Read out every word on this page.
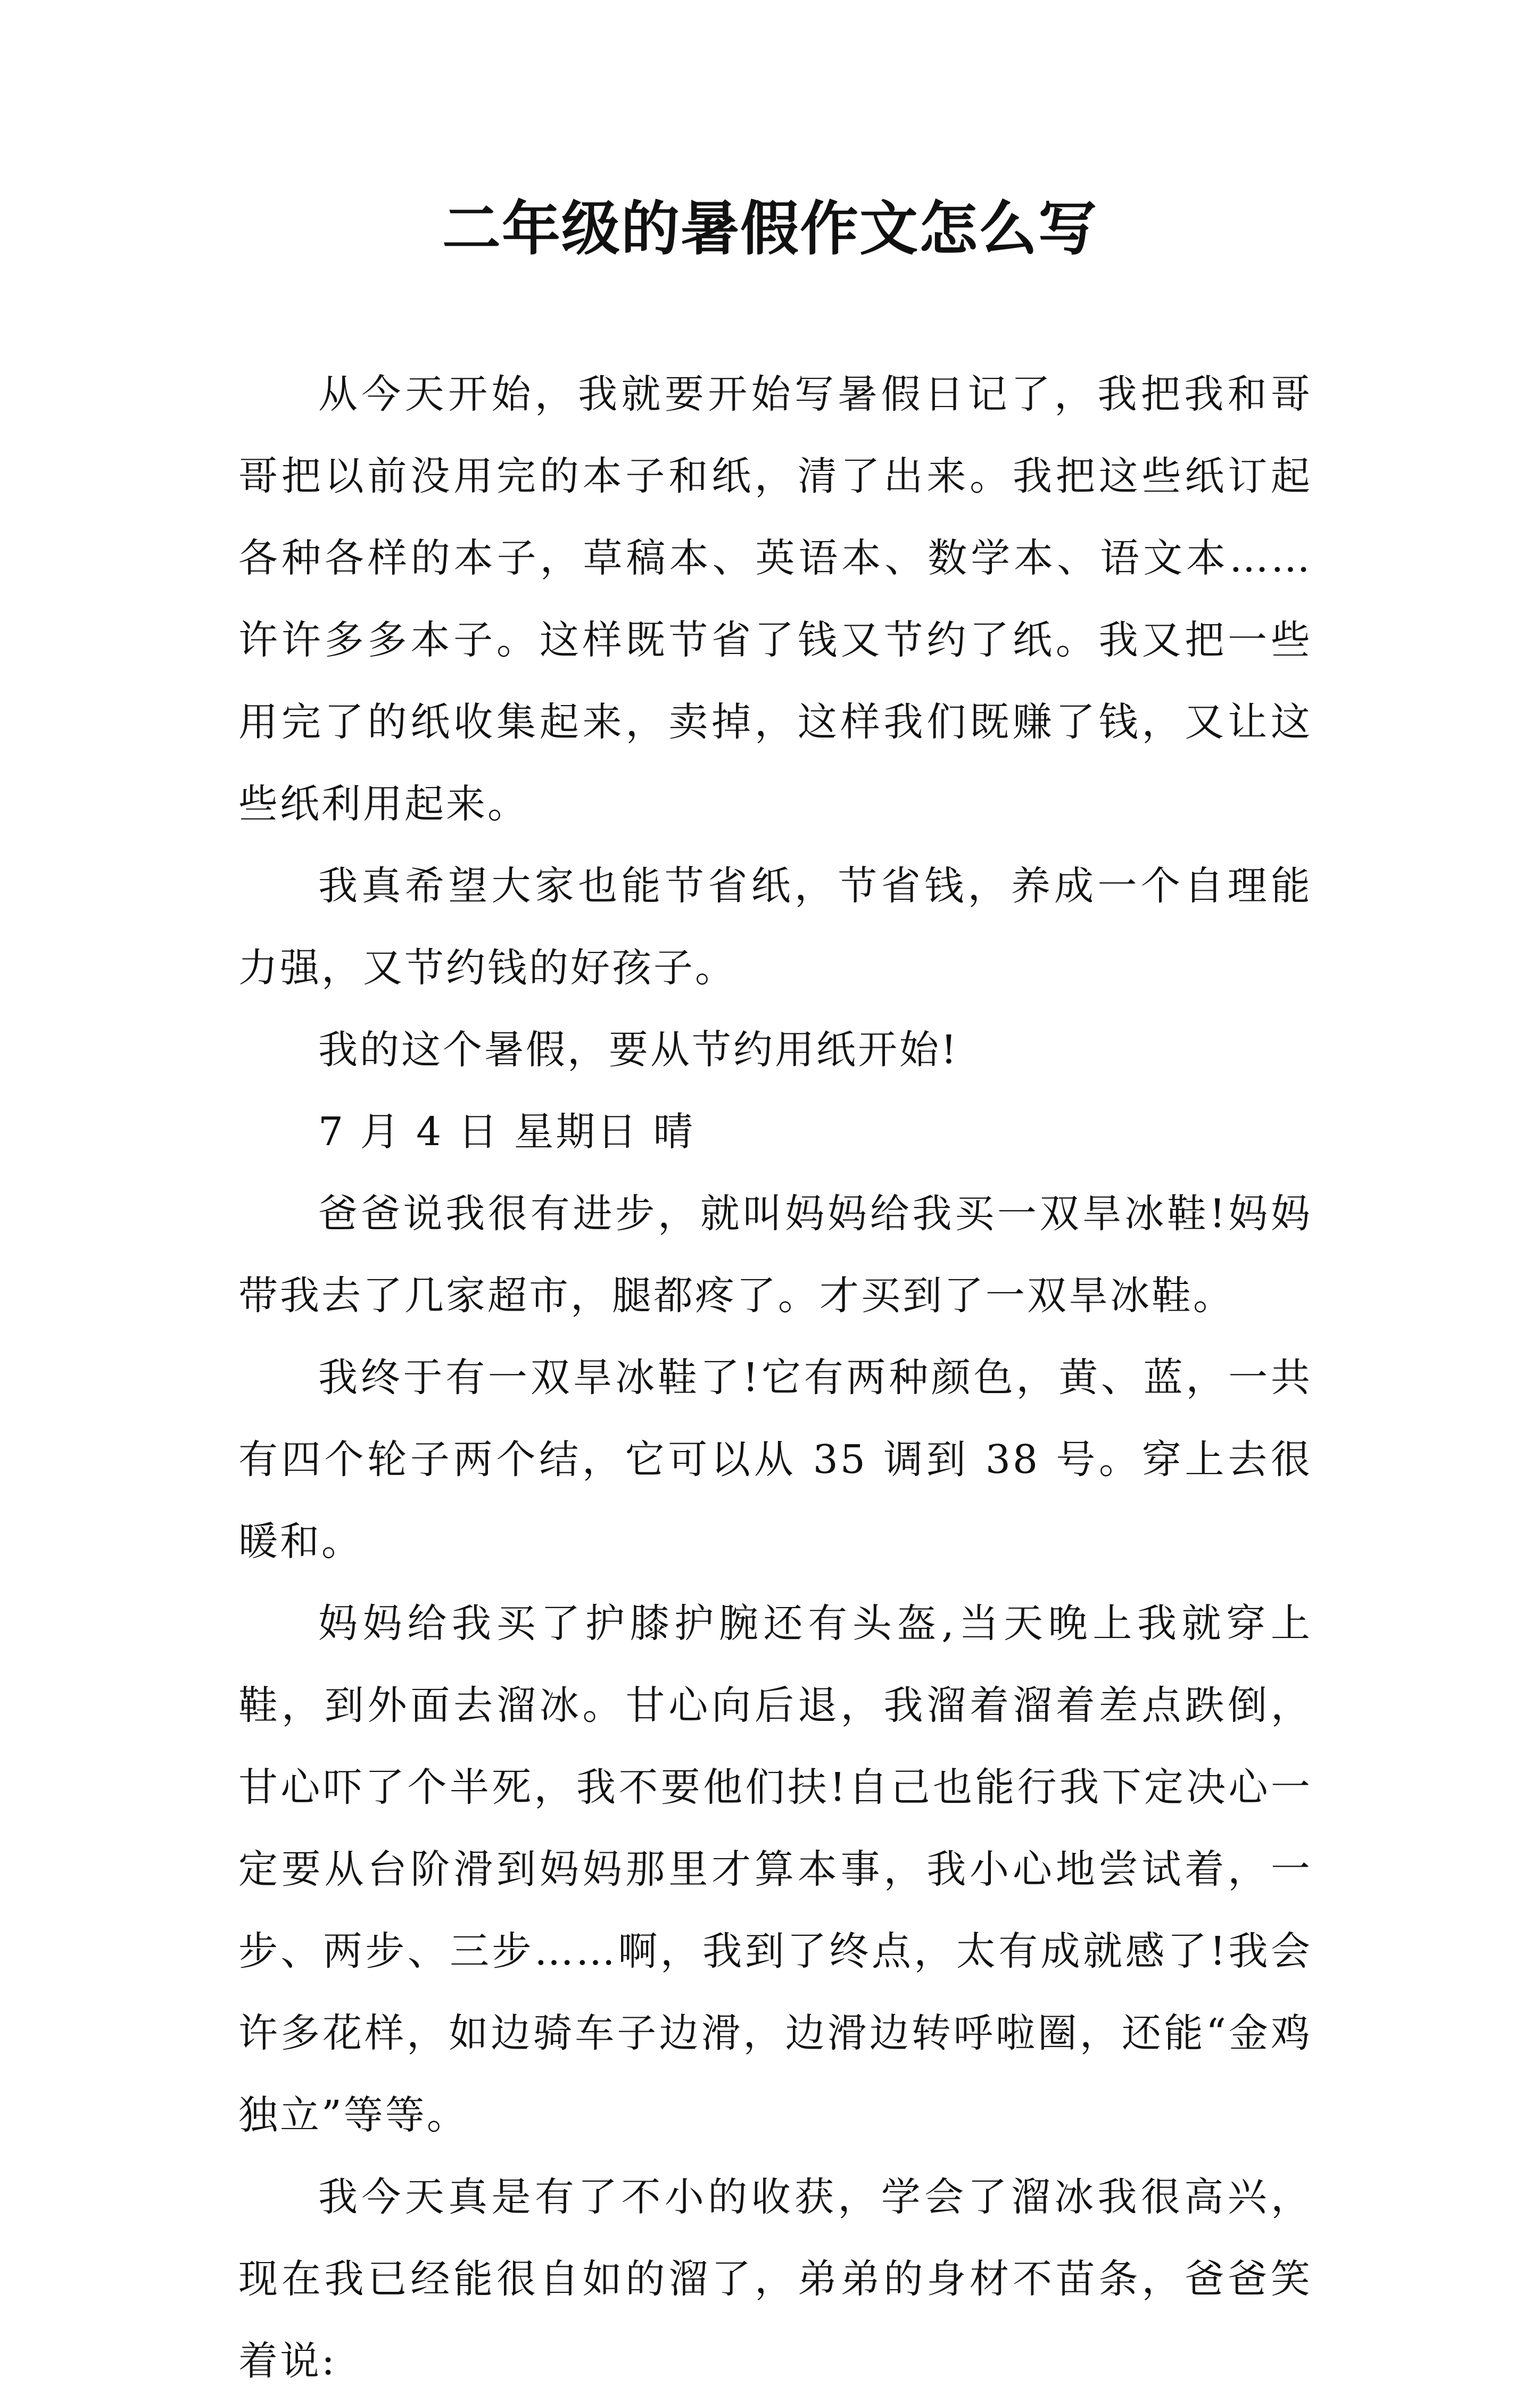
二年级的暑假作文怎么写

从今天开始，我就要开始写暑假日记了，我把我和哥哥把以前没用完的本子和纸，清了出来。我把这些纸订起各种各样的本子，草稿本、英语本、数学本、语文本……许许多多本子。这样既节省了钱又节约了纸。我又把一些用完了的纸收集起来，卖掉，这样我们既赚了钱，又让这些纸利用起来。

我真希望大家也能节省纸，节省钱，养成一个自理能力强，又节约钱的好孩子。

我的这个暑假，要从节约用纸开始!

7 月 4 日 星期日 晴

爸爸说我很有进步，就叫妈妈给我买一双旱冰鞋!妈妈带我去了几家超市，腿都疼了。才买到了一双旱冰鞋。

我终于有一双旱冰鞋了!它有两种颜色，黄、蓝，一共有四个轮子两个结，它可以从 35 调到 38 号。穿上去很暖和。

妈妈给我买了护膝护腕还有头盔,当天晚上我就穿上鞋，到外面去溜冰。甘心向后退，我溜着溜着差点跌倒，甘心吓了个半死，我不要他们扶!自己也能行我下定决心一定要从台阶滑到妈妈那里才算本事，我小心地尝试着，一步、两步、三步……啊，我到了终点，太有成就感了!我会许多花样，如边骑车子边滑，边滑边转呼啦圈，还能“金鸡独立”等等。

我今天真是有了不小的收获，学会了溜冰我很高兴，现在我已经能很自如的溜了，弟弟的身材不苗条，爸爸笑着说:
